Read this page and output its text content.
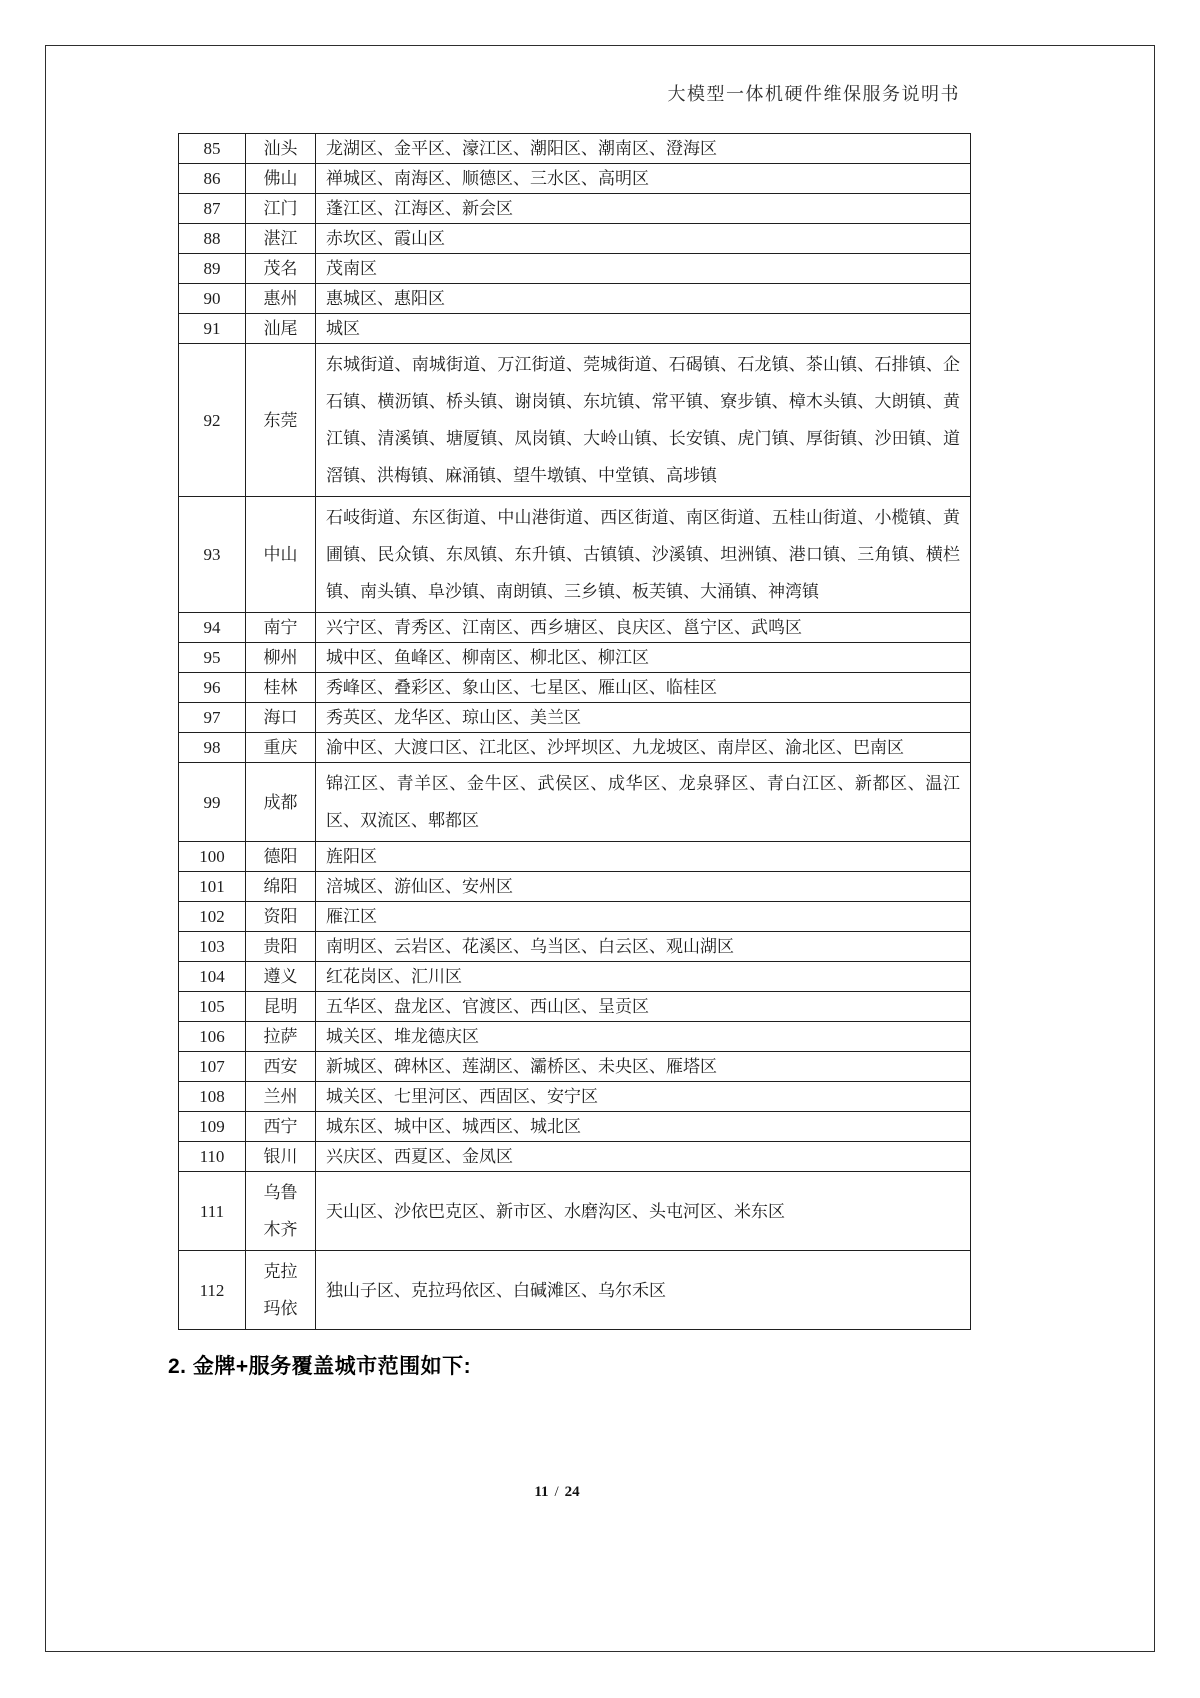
大模型一体机硬件维保服务说明书
85	汕头	龙湖区、金平区、濠江区、潮阳区、潮南区、澄海区
86	佛山	禅城区、南海区、顺德区、三水区、高明区
87	江门	蓬江区、江海区、新会区
88	湛江	赤坎区、霞山区
89	茂名	茂南区
90	惠州	惠城区、惠阳区
91	汕尾	城区
92	东莞	东城街道、南城街道、万江街道、莞城街道、石碣镇、石龙镇、茶山镇、石排镇、企石镇、横沥镇、桥头镇、谢岗镇、东坑镇、常平镇、寮步镇、樟木头镇、大朗镇、黄江镇、清溪镇、塘厦镇、凤岗镇、大岭山镇、长安镇、虎门镇、厚街镇、沙田镇、道滘镇、洪梅镇、麻涌镇、望牛墩镇、中堂镇、高埗镇
93	中山	石岐街道、东区街道、中山港街道、西区街道、南区街道、五桂山街道、小榄镇、黄圃镇、民众镇、东凤镇、东升镇、古镇镇、沙溪镇、坦洲镇、港口镇、三角镇、横栏镇、南头镇、阜沙镇、南朗镇、三乡镇、板芙镇、大涌镇、神湾镇
94	南宁	兴宁区、青秀区、江南区、西乡塘区、良庆区、邕宁区、武鸣区
95	柳州	城中区、鱼峰区、柳南区、柳北区、柳江区
96	桂林	秀峰区、叠彩区、象山区、七星区、雁山区、临桂区
97	海口	秀英区、龙华区、琼山区、美兰区
98	重庆	渝中区、大渡口区、江北区、沙坪坝区、九龙坡区、南岸区、渝北区、巴南区
99	成都	锦江区、青羊区、金牛区、武侯区、成华区、龙泉驿区、青白江区、新都区、温江区、双流区、郫都区
100	德阳	旌阳区
101	绵阳	涪城区、游仙区、安州区
102	资阳	雁江区
103	贵阳	南明区、云岩区、花溪区、乌当区、白云区、观山湖区
104	遵义	红花岗区、汇川区
105	昆明	五华区、盘龙区、官渡区、西山区、呈贡区
106	拉萨	城关区、堆龙德庆区
107	西安	新城区、碑林区、莲湖区、灞桥区、未央区、雁塔区
108	兰州	城关区、七里河区、西固区、安宁区
109	西宁	城东区、城中区、城西区、城北区
110	银川	兴庆区、西夏区、金凤区
111	乌鲁木齐	天山区、沙依巴克区、新市区、水磨沟区、头屯河区、米东区
112	克拉玛依	独山子区、克拉玛依区、白碱滩区、乌尔禾区
2. 金牌+服务覆盖城市范围如下:
11 / 24
